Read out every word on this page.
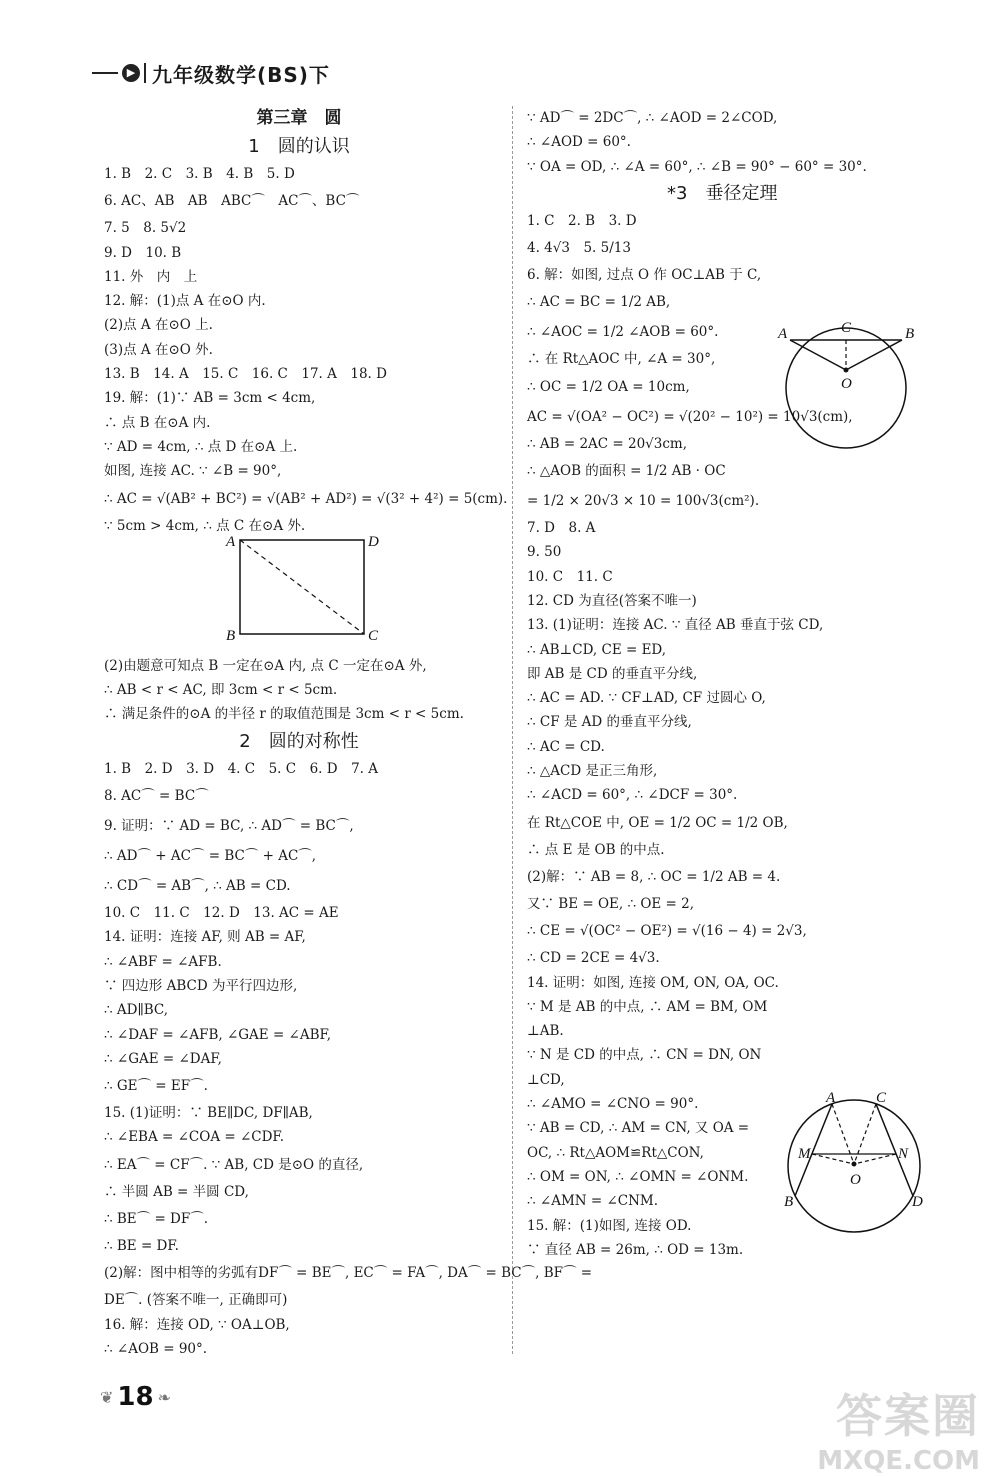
▶ 九年级数学(BS)下
第三章　圆
1　圆的认识
1. B　2. C　3. B　4. B　5. D
6. AC、AB　AB　ABC⌒　AC⌒、BC⌒
7. 5　8. 5√2
9. D　10. B
11. 外　内　上
12. 解：(1)点 A 在⊙O 内.
(2)点 A 在⊙O 上.
(3)点 A 在⊙O 外.
13. B　14. A　15. C　16. C　17. A　18. D
19. 解：(1)∵ AB = 3cm < 4cm,
∴ 点 B 在⊙A 内.
∵ AD = 4cm, ∴ 点 D 在⊙A 上.
如图, 连接 AC. ∵ ∠B = 90°,
∴ AC = √(AB² + BC²) = √(AB² + AD²) = √(3² + 4²) = 5(cm).
∵ 5cm > 4cm, ∴ 点 C 在⊙A 外.
(2)由题意可知点 B 一定在⊙A 内, 点 C 一定在⊙A 外,
∴ AB < r < AC, 即 3cm < r < 5cm.
∴ 满足条件的⊙A 的半径 r 的取值范围是 3cm < r < 5cm.
2　圆的对称性
1. B　2. D　3. D　4. C　5. C　6. D　7. A
8. AC⌒ = BC⌒
9. 证明：∵ AD = BC, ∴ AD⌒ = BC⌒,
∴ AD⌒ + AC⌒ = BC⌒ + AC⌒,
∴ CD⌒ = AB⌒, ∴ AB = CD.
10. C　11. C　12. D　13. AC = AE
14. 证明：连接 AF, 则 AB = AF,
∴ ∠ABF = ∠AFB.
∵ 四边形 ABCD 为平行四边形,
∴ AD∥BC,
∴ ∠DAF = ∠AFB, ∠GAE = ∠ABF,
∴ ∠GAE = ∠DAF,
∴ GE⌒ = EF⌒.
15. (1)证明：∵ BE∥DC, DF∥AB,
∴ ∠EBA = ∠COA = ∠CDF.
∴ EA⌒ = CF⌒. ∵ AB, CD 是⊙O 的直径,
∴ 半圆 AB = 半圆 CD,
∴ BE⌒ = DF⌒.
∴ BE = DF.
(2)解：图中相等的劣弧有DF⌒ = BE⌒, EC⌒ = FA⌒, DA⌒ = BC⌒, BF⌒ =
DE⌒. (答案不唯一, 正确即可)
16. 解：连接 OD, ∵ OA⊥OB,
∴ ∠AOB = 90°.
∵ AD⌒ = 2DC⌒, ∴ ∠AOD = 2∠COD,
∴ ∠AOD = 60°.
∵ OA = OD, ∴ ∠A = 60°, ∴ ∠B = 90° − 60° = 30°.
*3　垂径定理
1. C　2. B　3. D
4. 4√3　5. 5/13
6. 解：如图, 过点 O 作 OC⊥AB 于 C,
∴ AC = BC = 1/2 AB,
∴ ∠AOC = 1/2 ∠AOB = 60°.
∴ 在 Rt△AOC 中, ∠A = 30°,
∴ OC = 1/2 OA = 10cm,
AC = √(OA² − OC²) = √(20² − 10²) = 10√3(cm),
∴ AB = 2AC = 20√3cm,
∴ △AOB 的面积 = 1/2 AB · OC
= 1/2 × 20√3 × 10 = 100√3(cm²).
7. D　8. A
9. 50
10. C　11. C
12. CD 为直径(答案不唯一)
13. (1)证明：连接 AC. ∵ 直径 AB 垂直于弦 CD,
∴ AB⊥CD, CE = ED,
即 AB 是 CD 的垂直平分线,
∴ AC = AD. ∵ CF⊥AD, CF 过圆心 O,
∴ CF 是 AD 的垂直平分线,
∴ AC = CD.
∴ △ACD 是正三角形,
∴ ∠ACD = 60°, ∴ ∠DCF = 30°.
在 Rt△COE 中, OE = 1/2 OC = 1/2 OB,
∴ 点 E 是 OB 的中点.
(2)解：∵ AB = 8, ∴ OC = 1/2 AB = 4.
又∵ BE = OE, ∴ OE = 2,
∴ CE = √(OC² − OE²) = √(16 − 4) = 2√3,
∴ CD = 2CE = 4√3.
14. 证明：如图, 连接 OM, ON, OA, OC.
∵ M 是 AB 的中点, ∴ AM = BM, OM
⊥AB.
∵ N 是 CD 的中点, ∴ CN = DN, ON
⊥CD,
∴ ∠AMO = ∠CNO = 90°.
∵ AB = CD, ∴ AM = CN, 又 OA =
OC, ∴ Rt△AOM≌Rt△CON,
∴ OM = ON, ∴ ∠OMN = ∠ONM.
∴ ∠AMN = ∠CNM.
15. 解：(1)如图, 连接 OD.
∵ 直径 AB = 26m, ∴ OD = 13m.
A	D
B	C
A	C	B
O
A	C
M	N
O
B	D
❦ 18 ❧	答案圈
MXQE.COM
